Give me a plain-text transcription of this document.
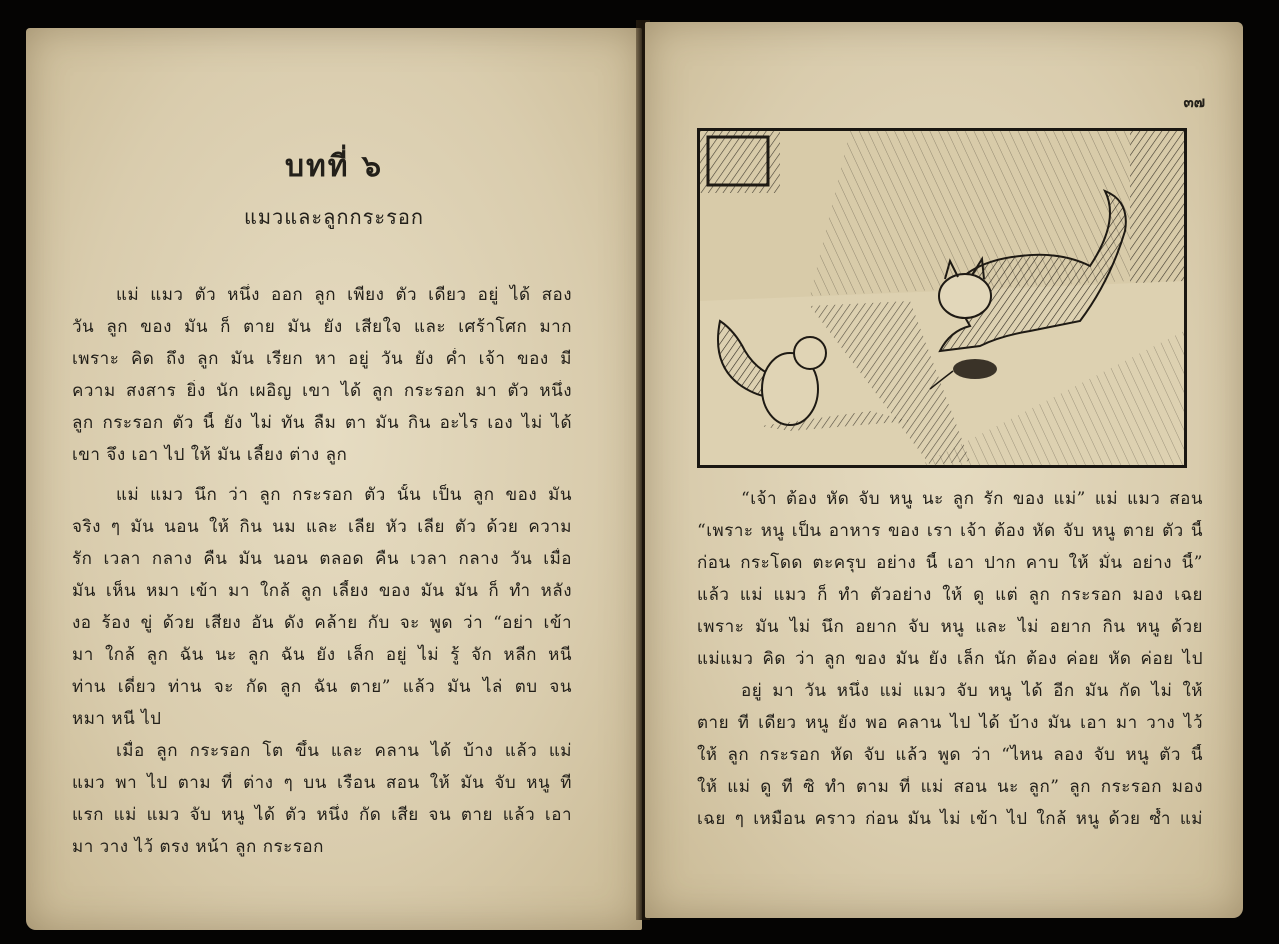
บทที่ ๖
แมวและลูกกระรอก
แม่ แมว ตัว หนึ่ง ออก ลูก เพียง ตัว เดียว อยู่ ได้ สอง
วัน ลูก ของ มัน ก็ ตาย มัน ยัง เสียใจ และ เศร้าโศก มาก
เพราะ คิด ถึง ลูก มัน เรียก หา อยู่ วัน ยัง ค่ำ เจ้า ของ มี
ความ สงสาร ยิ่ง นัก เผอิญ เขา ได้ ลูก กระรอก มา ตัว หนึ่ง
ลูก กระรอก ตัว นี้ ยัง ไม่ ทัน ลืม ตา มัน กิน อะไร เอง ไม่ ได้
เขา จึง เอา ไป ให้ มัน เลี้ยง ต่าง ลูก
แม่ แมว นึก ว่า ลูก กระรอก ตัว นั้น เป็น ลูก ของ มัน
จริง ๆ มัน นอน ให้ กิน นม และ เลีย หัว เลีย ตัว ด้วย ความ
รัก เวลา กลาง คืน มัน นอน ตลอด คืน เวลา กลาง วัน เมื่อ
มัน เห็น หมา เข้า มา ใกล้ ลูก เลี้ยง ของ มัน มัน ก็ ทำ หลัง
งอ ร้อง ขู่ ด้วย เสียง อัน ดัง คล้าย กับ จะ พูด ว่า “อย่า เข้า
มา ใกล้ ลูก ฉัน นะ ลูก ฉัน ยัง เล็ก อยู่ ไม่ รู้ จัก หลีก หนี
ท่าน เดี๋ยว ท่าน จะ กัด ลูก ฉัน ตาย” แล้ว มัน ไล่ ตบ จน
หมา หนี ไป
เมื่อ ลูก กระรอก โต ขึ้น และ คลาน ได้ บ้าง แล้ว แม่
แมว พา ไป ตาม ที่ ต่าง ๆ บน เรือน สอน ให้ มัน จับ หนู ที
แรก แม่ แมว จับ หนู ได้ ตัว หนึ่ง กัด เสีย จน ตาย แล้ว เอา
มา วาง ไว้ ตรง หน้า ลูก กระรอก
๓๗
“เจ้า ต้อง หัด จับ หนู นะ ลูก รัก ของ แม่” แม่ แมว สอน
“เพราะ หนู เป็น อาหาร ของ เรา เจ้า ต้อง หัด จับ หนู ตาย ตัว นี้
ก่อน กระโดด ตะครุบ อย่าง นี้ เอา ปาก คาบ ให้ มั่น อย่าง นี้”
แล้ว แม่ แมว ก็ ทำ ตัวอย่าง ให้ ดู แต่ ลูก กระรอก มอง เฉย
เพราะ มัน ไม่ นึก อยาก จับ หนู และ ไม่ อยาก กิน หนู ด้วย
แม่แมว คิด ว่า ลูก ของ มัน ยัง เล็ก นัก ต้อง ค่อย หัด ค่อย ไป
อยู่ มา วัน หนึ่ง แม่ แมว จับ หนู ได้ อีก มัน กัด ไม่ ให้
ตาย ที เดียว หนู ยัง พอ คลาน ไป ได้ บ้าง มัน เอา มา วาง ไว้
ให้ ลูก กระรอก หัด จับ แล้ว พูด ว่า “ไหน ลอง จับ หนู ตัว นี้
ให้ แม่ ดู ที ซิ ทำ ตาม ที่ แม่ สอน นะ ลูก” ลูก กระรอก มอง
เฉย ๆ เหมือน คราว ก่อน มัน ไม่ เข้า ไป ใกล้ หนู ด้วย ซ้ำ แม่
